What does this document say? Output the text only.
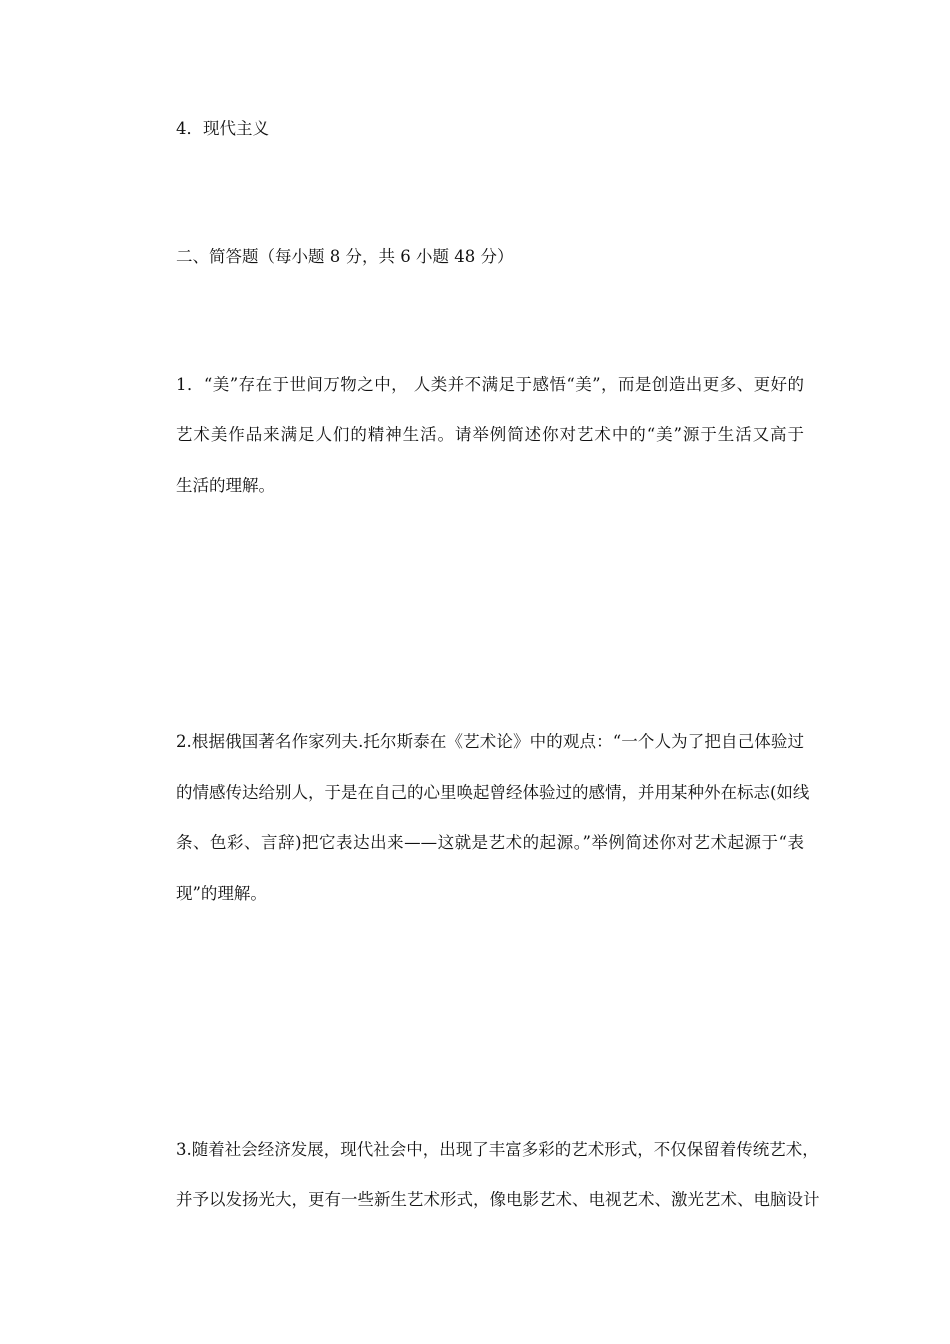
4．现代主义
二、简答题（每小题 8 分，共 6 小题 48 分）
1．“美”存在于世间万物之中， 人类并不满足于感悟“美”，而是创造出更多、更好的
艺术美作品来满足人们的精神生活。请举例简述你对艺术中的“美”源于生活又高于
生活的理解。
2.根据俄国著名作家列夫.托尔斯泰在《艺术论》中的观点：“一个人为了把自己体验过
的情感传达给别人，于是在自己的心里唤起曾经体验过的感情，并用某种外在标志(如线
条、色彩、言辞)把它表达出来——这就是艺术的起源。”举例简述你对艺术起源于“表
现”的理解。
3.随着社会经济发展，现代社会中，出现了丰富多彩的艺术形式，不仅保留着传统艺术，
并予以发扬光大，更有一些新生艺术形式，像电影艺术、电视艺术、激光艺术、电脑设计
